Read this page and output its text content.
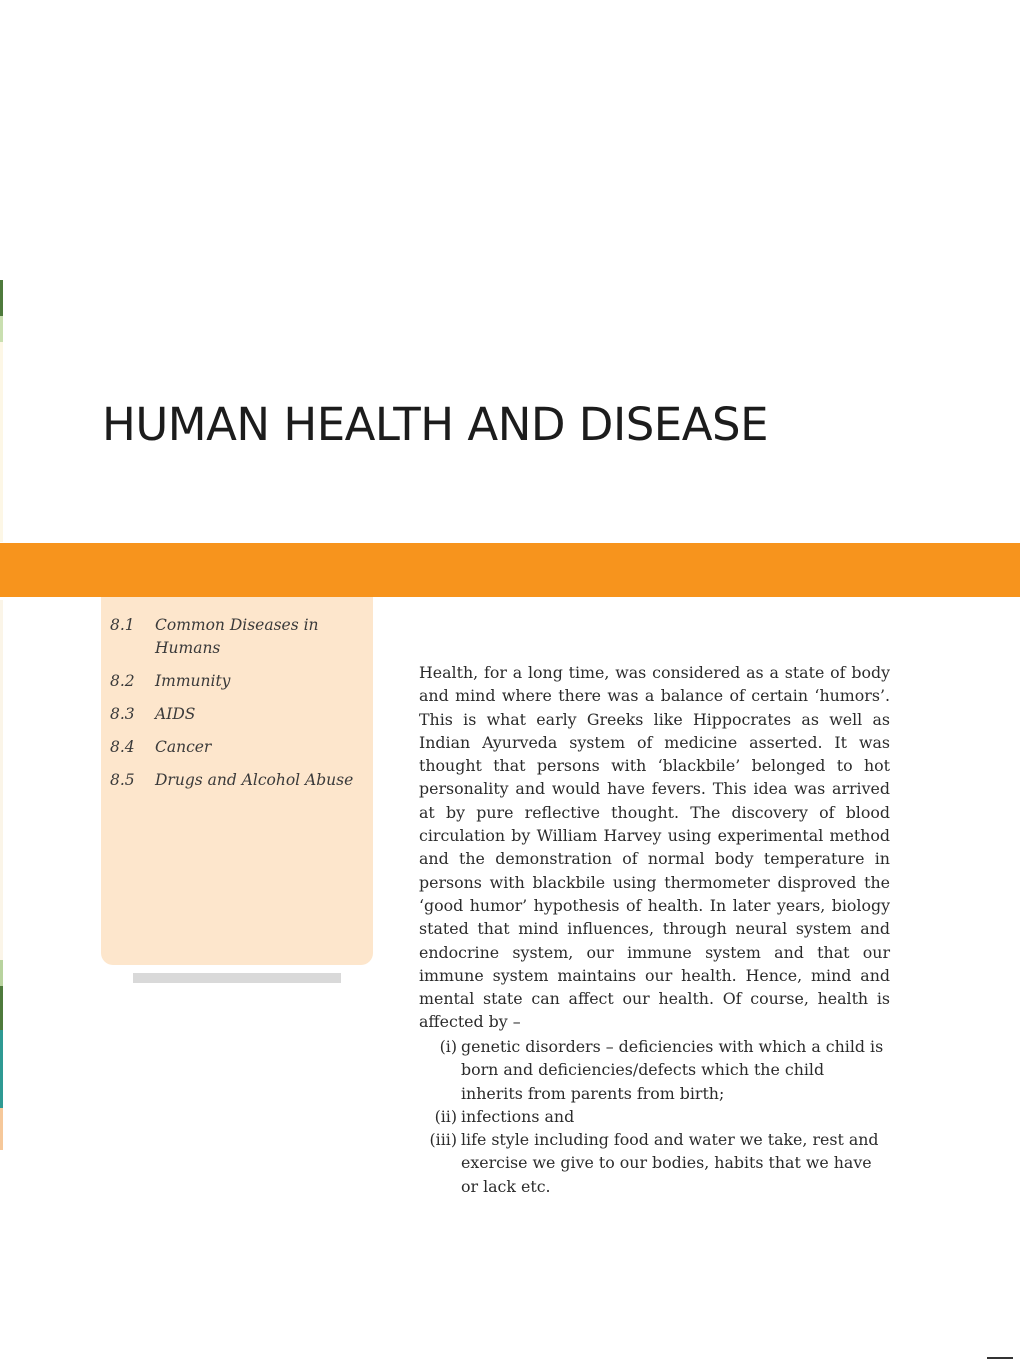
HUMAN HEALTH AND DISEASE
8.1	Common Diseases in Humans
8.2	Immunity
8.3	AIDS
8.4	Cancer
8.5	Drugs and Alcohol Abuse

Health, for a long time, was considered as a state of body and mind where there was a balance of certain ‘humors’. This is what early Greeks like Hippocrates as well as Indian Ayurveda system of medicine asserted. It was thought that persons with ‘blackbile’ belonged to hot personality and would have fevers. This idea was arrived at by pure reflective thought. The discovery of blood circulation by William Harvey using experimental method and the demonstration of normal body temperature in persons with blackbile using thermometer disproved the ‘good humor’ hypothesis of health. In later years, biology stated that mind influences, through neural system and endocrine system, our immune system and that our immune system maintains our health. Hence, mind and mental state can affect our health. Of course, health is affected by –

(i) genetic disorders – deficiencies with which a child is born and deficiencies/defects which the child inherits from parents from birth;
(ii) infections and
(iii) life style including food and water we take, rest and exercise we give to our bodies, habits that we have or lack etc.
